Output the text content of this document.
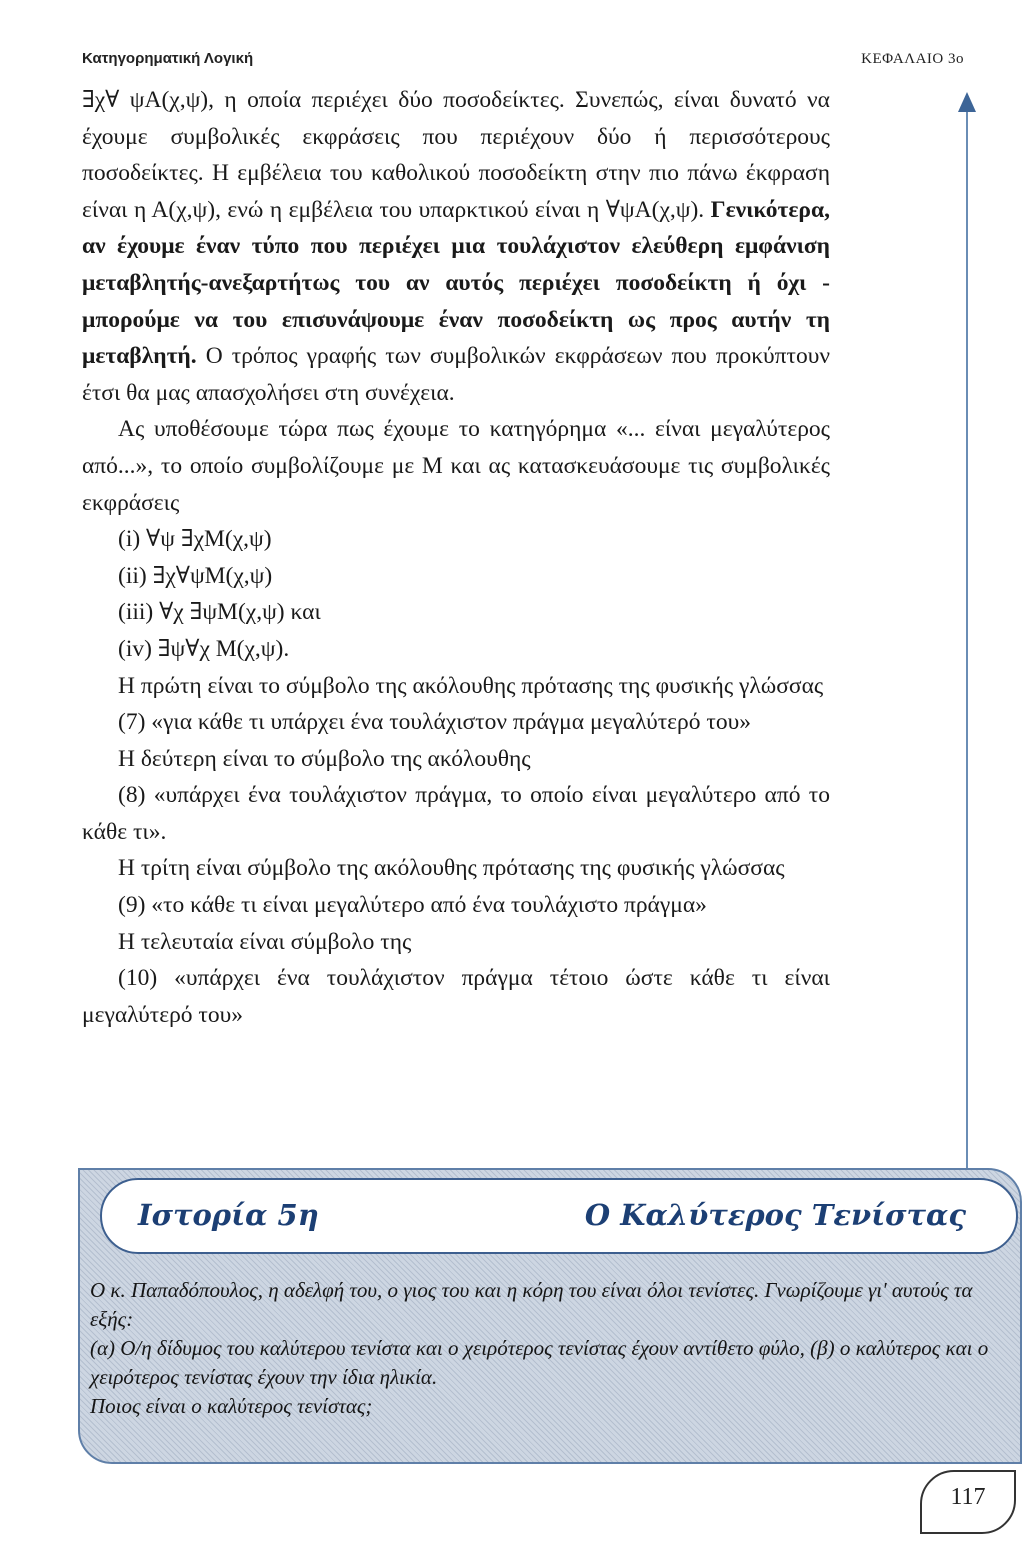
Κατηγορηματική Λογική	ΚΕΦΑΛΑΙΟ 3ο

∃χ∀ ψΑ(χ,ψ), η οποία περιέχει δύο ποσοδείκτες. Συνεπώς, είναι δυνατό να έχουμε συμβολικές εκφράσεις που περιέχουν δύο ή περισσότερους ποσοδείκτες. Η εμβέλεια του καθολικού ποσοδείκτη στην πιο πάνω έκφραση είναι η Α(χ,ψ), ενώ η εμβέλεια του υπαρκτικού είναι η ∀ψΑ(χ,ψ). Γενικότερα, αν έχουμε έναν τύπο που περιέχει μια τουλάχιστον ελεύθερη εμφάνιση μεταβλητής-ανεξαρτήτως του αν αυτός περιέχει ποσοδείκτη ή όχι - μπορούμε να του επισυνάψουμε έναν ποσοδείκτη ως προς αυτήν τη μεταβλητή. Ο τρόπος γραφής των συμβολικών εκφράσεων που προκύπτουν έτσι θα μας απασχολήσει στη συνέχεια.

Ας υποθέσουμε τώρα πως έχουμε το κατηγόρημα «... είναι μεγαλύτερος από...», το οποίο συμβολίζουμε με Μ και ας κατασκευάσουμε τις συμβολικές εκφράσεις

(i) ∀ψ ∃χΜ(χ,ψ)

(ii) ∃χ∀ψΜ(χ,ψ)

(iii) ∀χ ∃ψΜ(χ,ψ) και

(iv) ∃ψ∀χ Μ(χ,ψ).

Η πρώτη είναι το σύμβολο της ακόλουθης πρότασης της φυσικής γλώσσας

(7) «για κάθε τι υπάρχει ένα τουλάχιστον πράγμα μεγαλύτερό του»

Η δεύτερη είναι το σύμβολο της ακόλουθης

(8) «υπάρχει ένα τουλάχιστον πράγμα, το οποίο είναι μεγαλύτερο από το κάθε τι».

Η τρίτη είναι σύμβολο της ακόλουθης πρότασης της φυσικής γλώσσας

(9) «το κάθε τι είναι μεγαλύτερο από ένα τουλάχιστο πράγμα»

Η τελευταία είναι σύμβολο της

(10) «υπάρχει ένα τουλάχιστον πράγμα τέτοιο ώστε κάθε τι είναι μεγαλύτερό του»

Ιστορία 5η	Ο Καλύτερος Τενίστας

Ο κ. Παπαδόπουλος, η αδελφή του, ο γιος του και η κόρη του είναι όλοι τενίστες. Γνωρίζουμε γι' αυτούς τα εξής:

(α) Ο/η δίδυμος του καλύτερου τενίστα και ο χειρότερος τενίστας έχουν αντίθετο φύλο, (β) ο καλύτερος και ο χειρότερος τενίστας έχουν την ίδια ηλικία.

Ποιος είναι ο καλύτερος τενίστας;

117
